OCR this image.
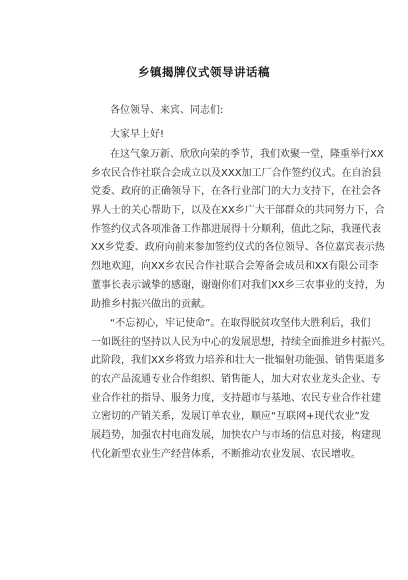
乡镇揭牌仪式领导讲话稿
各位领导、来宾、同志们:
大家早上好!
在这气象万新、欣欣向荣的季节，我们欢聚一堂，隆重举行XX
乡农民合作社联合会成立以及XXX加工厂合作签约仪式。在自治县
党委、政府的正确领导下，在各行业部门的大力支持下，在社会各
界人士的关心帮助下，以及在XX乡广大干部群众的共同努力下，合
作签约仪式各项准备工作都进展得十分顺利，值此之际，我谨代表
XX乡党委、政府向前来参加签约仪式的各位领导、各位嘉宾表示热
烈地欢迎，向XX乡农民合作社联合会筹备会成员和XX有限公司李
董事长表示诚挚的感谢，谢谢你们对我们XX乡三农事业的支持，为
助推乡村振兴做出的贡献。
“不忘初心，牢记使命”。在取得脱贫攻坚伟大胜利后，我们
一如既往的坚持以人民为中心的发展思想，持续全面推进乡村振兴。
此阶段，我们XX乡将致力培养和壮大一批辐射功能强、销售渠道多
的农产品流通专业合作组织、销售能人，加大对农业龙头企业、专
业合作社的指导、服务力度，支持超市与基地、农民专业合作社建
立密切的产销关系，发展订单农业，顺应“互联网+现代农业”发
展趋势，加强农村电商发展，加快农户与市场的信息对接，构建现
代化新型农业生产经营体系，不断推动农业发展、农民增收。
